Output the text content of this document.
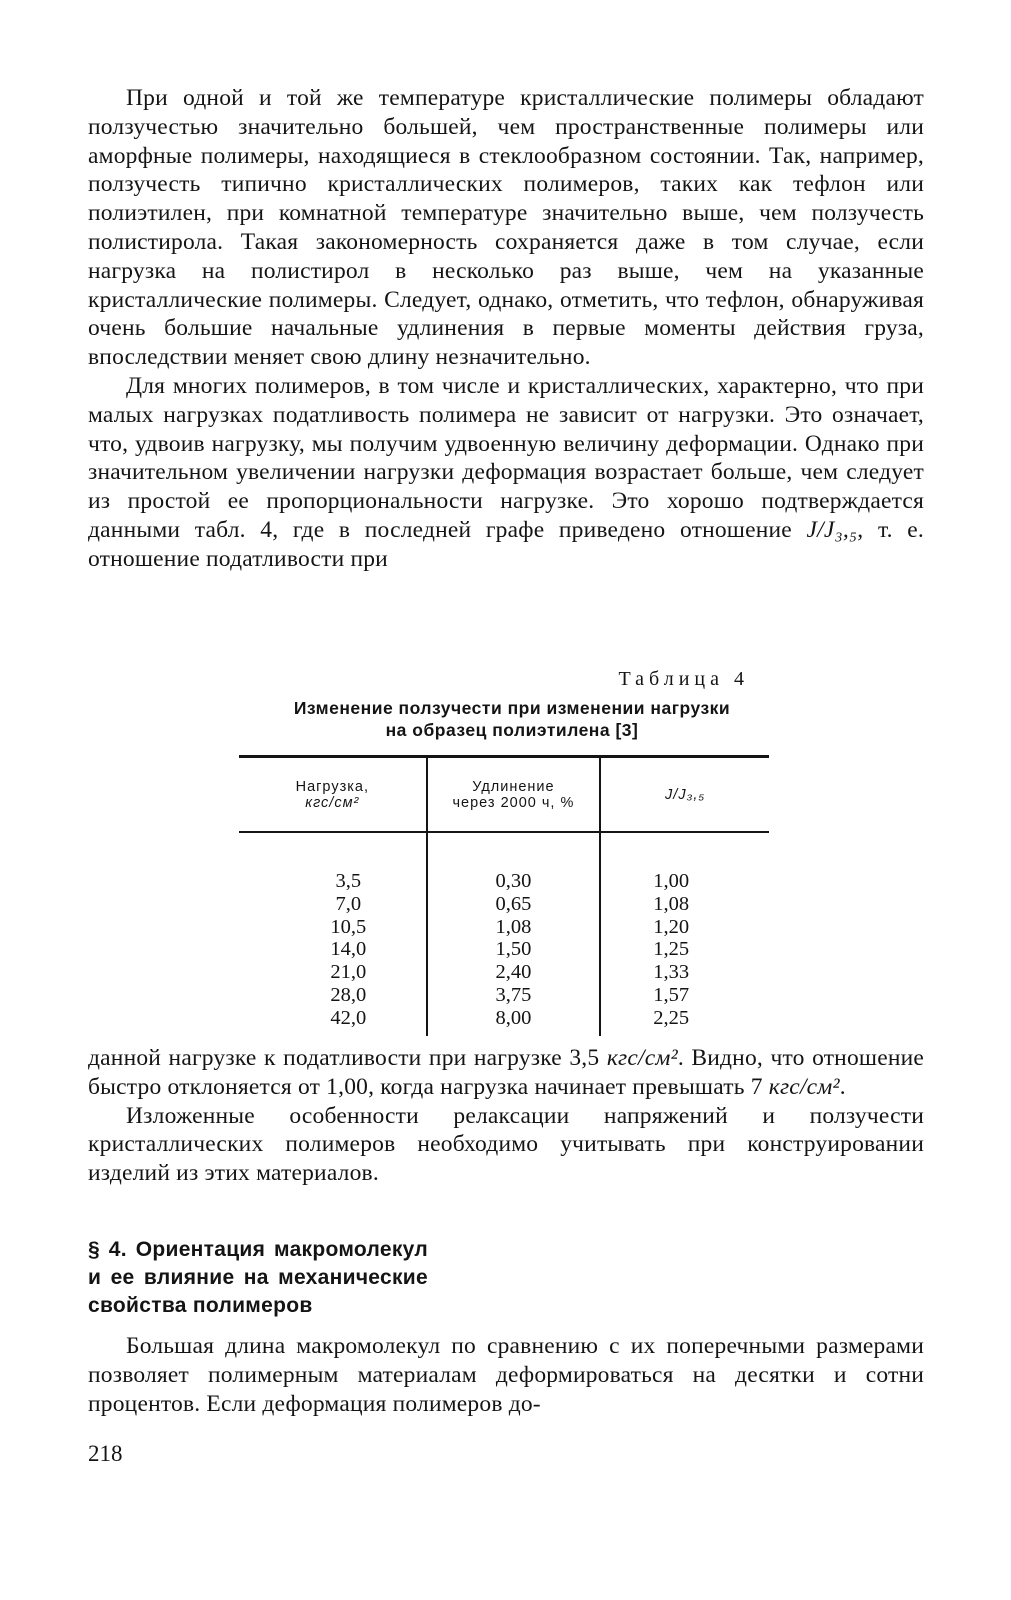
При одной и той же температуре кристаллические полимеры обладают ползучестью значительно большей, чем пространственные полимеры или аморфные полимеры, находящиеся в стеклообразном состоянии. Так, например, ползучесть типично кристаллических полимеров, таких как тефлон или полиэтилен, при комнатной температуре значительно выше, чем ползучесть полистирола. Такая закономерность сохраняется даже в том случае, если нагрузка на полистирол в несколько раз выше, чем на указанные кристаллические полимеры. Следует, однако, отметить, что тефлон, обнаруживая очень большие начальные удлинения в первые моменты действия груза, впоследствии меняет свою длину незначительно.

Для многих полимеров, в том числе и кристаллических, характерно, что при малых нагрузках податливость полимера не зависит от нагрузки. Это означает, что, удвоив нагрузку, мы получим удвоенную величину деформации. Однако при значительном увеличении нагрузки деформация возрастает больше, чем следует из простой ее пропорциональности нагрузке. Это хорошо подтверждается данными табл. 4, где в последней графе приведено отношение J/J₃,₅, т. е. отношение податливости при

Таблица 4
Изменение ползучести при изменении нагрузки
на образец полиэтилена [3]
Нагрузка,
кгс/см²
Удлинение
через 2000 ч, %	J/J₃,₅
3,5
7,0
10,5
14,0
21,0
28,0
42,0
0,30
0,65
1,08
1,50
2,40
3,75
8,00
1,00
1,08
1,20
1,25
1,33
1,57
2,25

данной нагрузке к податливости при нагрузке 3,5 кгс/см². Видно, что отношение быстро отклоняется от 1,00, когда нагрузка начинает превышать 7 кгс/см².

Изложенные особенности релаксации напряжений и ползучести кристаллических полимеров необходимо учитывать при конструировании изделий из этих материалов.

§ 4. Ориентация макромолекул и ее влияние на механические свойства полимеров

Большая длина макромолекул по сравнению с их поперечными размерами позволяет полимерным материалам деформироваться на десятки и сотни процентов. Если деформация полимеров до-

218
